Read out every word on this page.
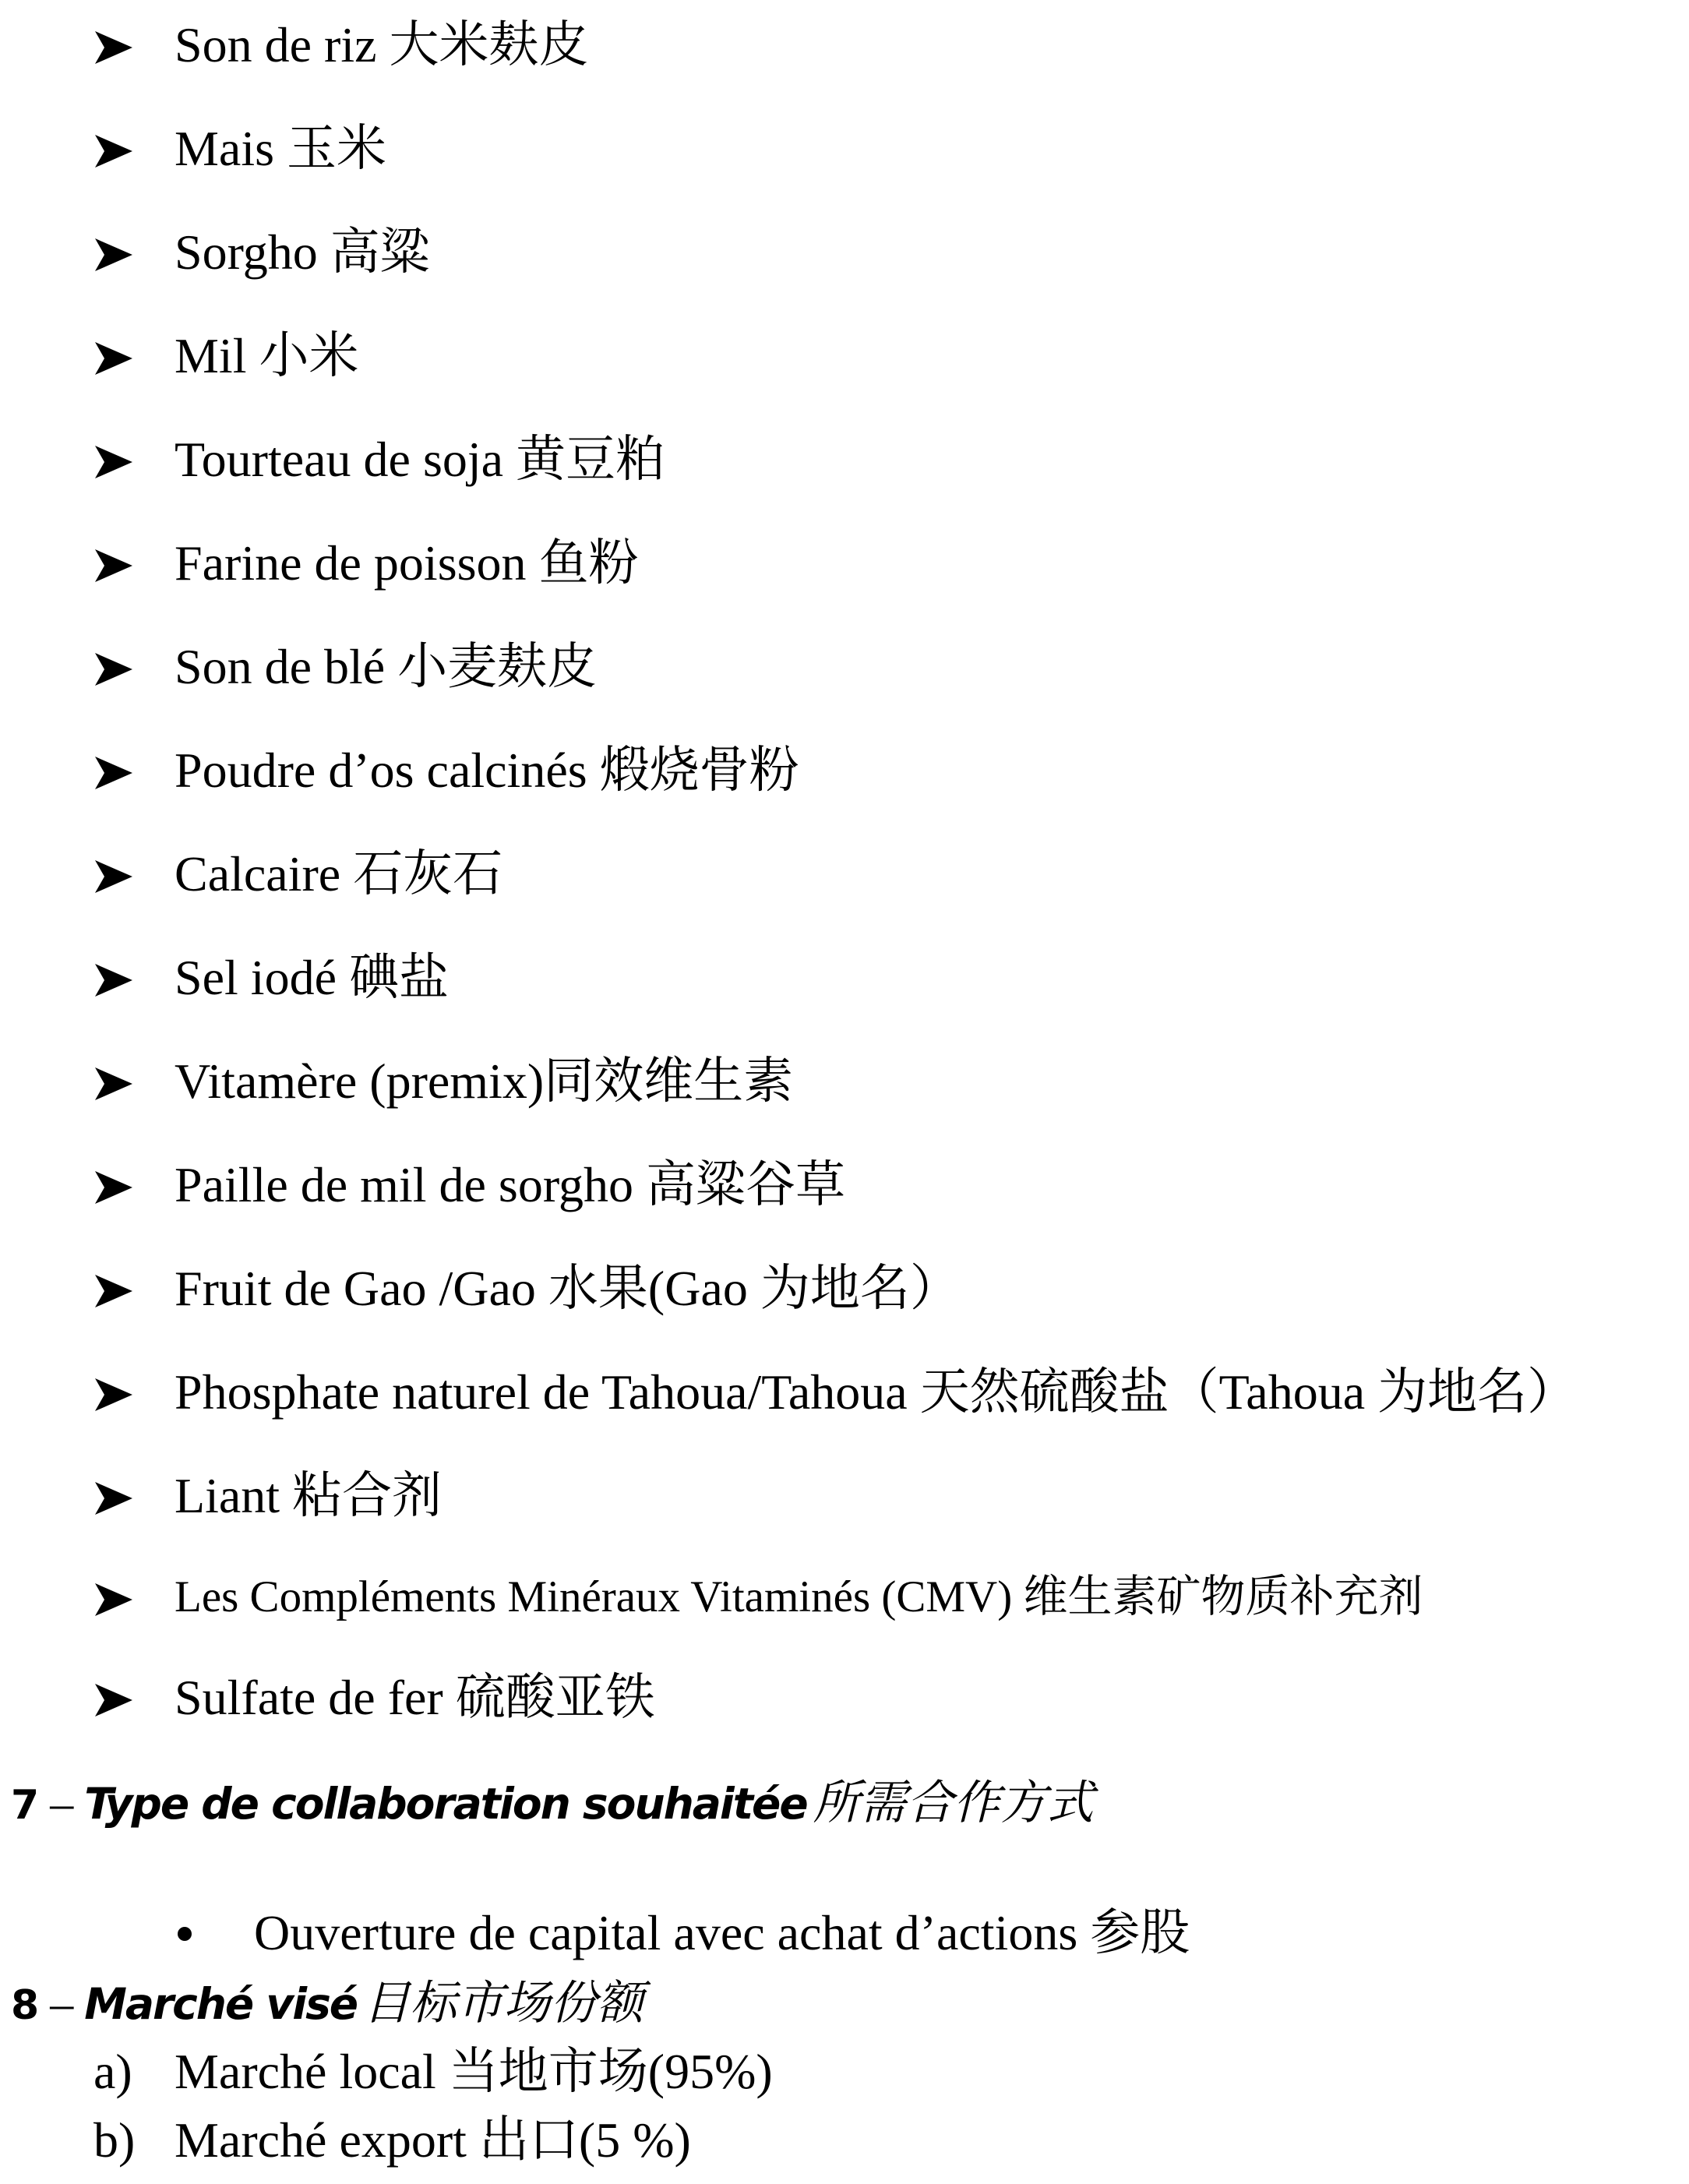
Son de riz 大米麸皮
Mais 玉米
Sorgho 高粱
Mil 小米
Tourteau de soja 黄豆粕
Farine de poisson 鱼粉
Son de blé 小麦麸皮
Poudre d’os calcinés 煅烧骨粉
Calcaire 石灰石
Sel iodé 碘盐
Vitamère (premix)同效维生素
Paille de mil de sorgho 高粱谷草
Fruit de Gao /Gao 水果(Gao 为地名）
Phosphate naturel de Tahoua/Tahoua 天然硫酸盐（Tahoua 为地名）
Liant 粘合剂
Les Compléments Minéraux Vitaminés (CMV) 维生素矿物质补充剂
Sulfate de fer 硫酸亚铁
7 – Type de collaboration souhaitée 所需合作方式
Ouverture de capital avec achat d’actions 参股
8 – Marché visé 目标市场份额
a) Marché local 当地市场(95%)
b) Marché export 出口(5 %)
